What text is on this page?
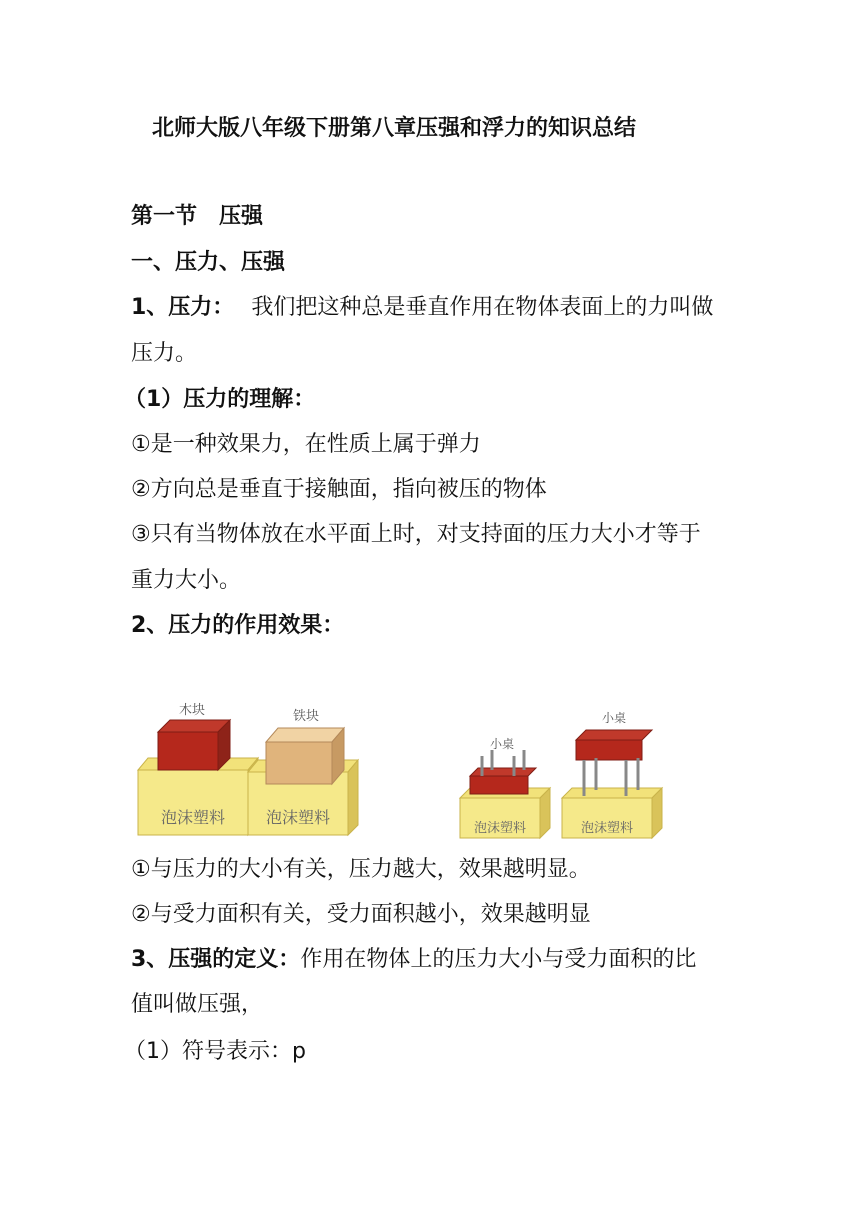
北师大版八年级下册第八章压强和浮力的知识总结
第一节　压强
一、压力、压强
1、压力： 我们把这种总是垂直作用在物体表面上的力叫做
压力。
（1）压力的理解：
①是一种效果力，在性质上属于弹力
②方向总是垂直于接触面，指向被压的物体
③只有当物体放在水平面上时，对支持面的压力大小才等于
重力大小。
2、压力的作用效果：
泡沫塑料
木块
泡沫塑料
铁块
泡沫塑料
小桌
泡沫塑料
小桌
①与压力的大小有关，压力越大，效果越明显。
②与受力面积有关，受力面积越小，效果越明显
3、压强的定义：作用在物体上的压力大小与受力面积的比
值叫做压强，
（1）符号表示：p
